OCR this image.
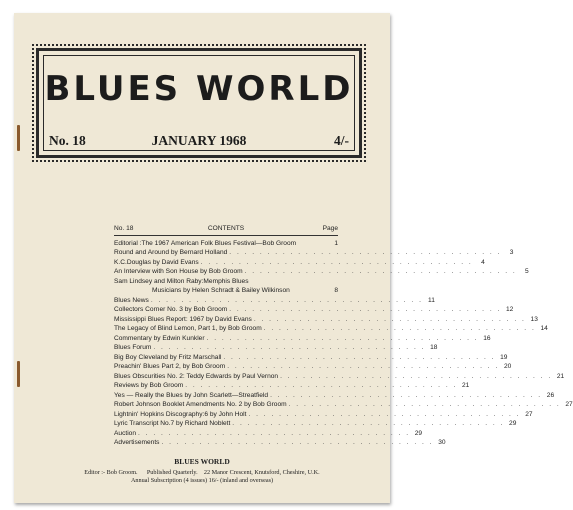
BLUES WORLD
No. 18	JANUARY 1968	4/-
No. 18	CONTENTS	Page
Editorial :The 1967 American Folk Blues Festival—Bob Groom	1
Round and Around by Bernard Holland . . .	3
K.C.Douglas by David Evans . . .	4
An Interview with Son House by Bob Groom . . .	5
Sam Lindsey and Milton Raby:Memphis Blues
Musicians by Helen Schradt & Bailey Wilkinson	8
Blues News . . .	11
Collectors Corner No. 3 by Bob Groom . . .	12
Mississippi Blues Report: 1967 by David Evans . . .	13
The Legacy of Blind Lemon, Part 1, by Bob Groom . . .	14
Commentary by Edwin Kunkler . . .	16
Blues Forum . . .	18
Big Boy Cleveland by Fritz Marschall . . .	19
Preachin' Blues Part 2, by Bob Groom . . .	20
Blues Obscurities No. 2: Teddy Edwards by Paul Vernon . . .	21
Reviews by Bob Groom . . .	21
Yes — Really the Blues by John Scarlett—Streatfield . . .	26
Robert Johnson Booklet Amendments No. 2 by Bob Groom . . .	27
Lightnin' Hopkins Discography:6 by John Holt . . .	27
Lyric Transcript No.7 by Richard Noblett . . .	29
Auction . . .	29
Advertisements . . .	30
BLUES WORLD
Editor :- Bob Groom. Published Quarterly. 22 Manor Crescent, Knutsford, Cheshire, U.K.
Annual Subscription (4 issues) 16/- (inland and overseas)
